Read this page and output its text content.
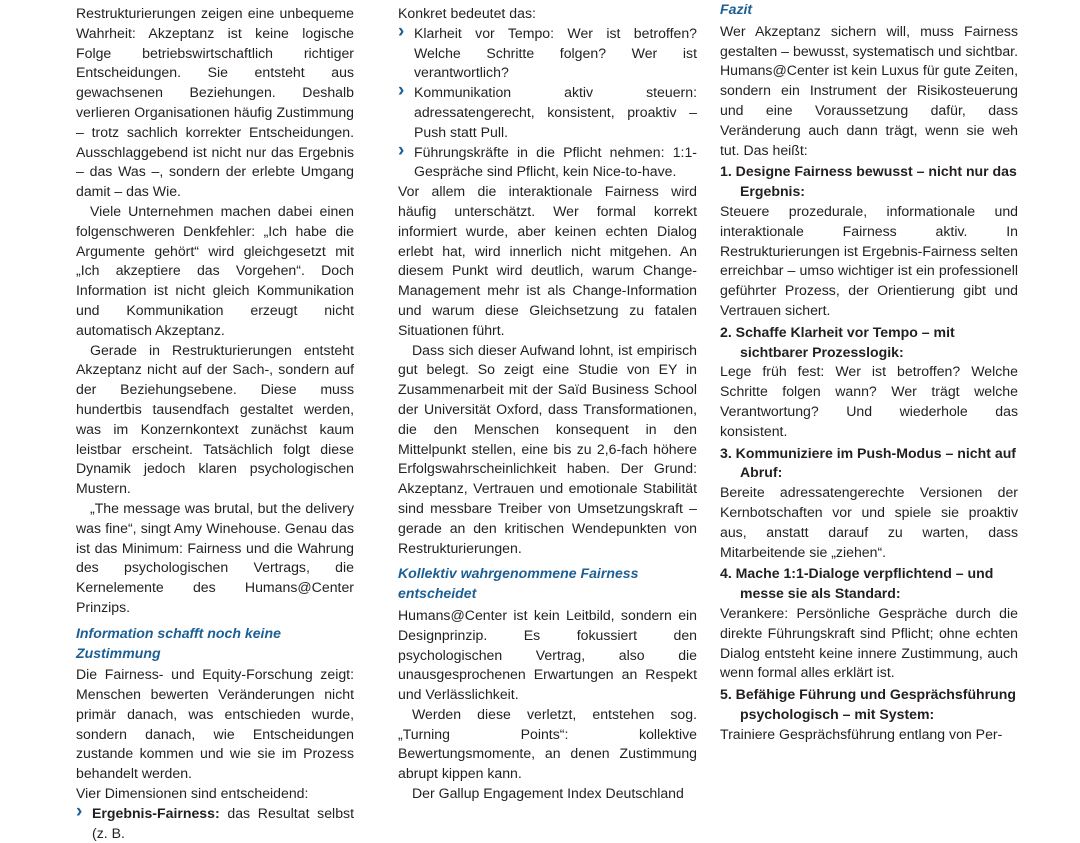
Restrukturierungen zeigen eine unbequeme Wahrheit: Akzeptanz ist keine logische Folge betriebswirtschaftlich richtiger Entscheidungen. Sie entsteht aus gewachsenen Beziehungen. Deshalb verlieren Organisationen häufig Zustimmung – trotz sachlich korrekter Entscheidungen. Ausschlaggebend ist nicht nur das Ergebnis – das Was –, sondern der erlebte Umgang damit – das Wie.

Viele Unternehmen machen dabei einen folgenschweren Denkfehler: „Ich habe die Argumente gehört“ wird gleichgesetzt mit „Ich akzeptiere das Vorgehen“. Doch Information ist nicht gleich Kommunikation und Kommunikation erzeugt nicht automatisch Akzeptanz.

Gerade in Restrukturierungen entsteht Akzeptanz nicht auf der Sach-, sondern auf der Beziehungsebene. Diese muss hundertbis tausendfach gestaltet werden, was im Konzernkontext zunächst kaum leistbar erscheint. Tatsächlich folgt diese Dynamik jedoch klaren psychologischen Mustern.

„The message was brutal, but the delivery was fine“, singt Amy Winehouse. Genau das ist das Minimum: Fairness und die Wahrung des psychologischen Vertrags, die Kernelemente des Humans@Center Prinzips.

Information schafft noch keine Zustimmung

Die Fairness- und Equity-Forschung zeigt: Menschen bewerten Veränderungen nicht primär danach, was entschieden wurde, sondern danach, wie Entscheidungen zustande kommen und wie sie im Prozess behandelt werden.

Vier Dimensionen sind entscheidend:

› Ergebnis-Fairness: das Resultat selbst (z. B.

Konkret bedeutet das:

› Klarheit vor Tempo: Wer ist betroffen? Welche Schritte folgen? Wer ist verantwortlich?
› Kommunikation aktiv steuern: adressatengerecht, konsistent, proaktiv – Push statt Pull.
› Führungskräfte in die Pflicht nehmen: 1:1-Gespräche sind Pflicht, kein Nice-to-have.

Vor allem die interaktionale Fairness wird häufig unterschätzt. Wer formal korrekt informiert wurde, aber keinen echten Dialog erlebt hat, wird innerlich nicht mitgehen. An diesem Punkt wird deutlich, warum Change-Management mehr ist als Change-Information und warum diese Gleichsetzung zu fatalen Situationen führt.

Dass sich dieser Aufwand lohnt, ist empirisch gut belegt. So zeigt eine Studie von EY in Zusammenarbeit mit der Saïd Business School der Universität Oxford, dass Transformationen, die den Menschen konsequent in den Mittelpunkt stellen, eine bis zu 2,6-fach höhere Erfolgswahrscheinlichkeit haben. Der Grund: Akzeptanz, Vertrauen und emotionale Stabilität sind messbare Treiber von Umsetzungskraft – gerade an den kritischen Wendepunkten von Restrukturierungen.

Kollektiv wahrgenommene Fairness entscheidet

Humans@Center ist kein Leitbild, sondern ein Designprinzip. Es fokussiert den psychologischen Vertrag, also die unausgesprochenen Erwartungen an Respekt und Verlässlichkeit.

Werden diese verletzt, entstehen sog. „Turning Points“: kollektive Bewertungsmomente, an denen Zustimmung abrupt kippen kann.

Der Gallup Engagement Index Deutschland

Fazit

Wer Akzeptanz sichern will, muss Fairness gestalten – bewusst, systematisch und sichtbar. Humans@Center ist kein Luxus für gute Zeiten, sondern ein Instrument der Risikosteuerung und eine Voraussetzung dafür, dass Veränderung auch dann trägt, wenn sie weh tut. Das heißt:

1. Designe Fairness bewusst – nicht nur das Ergebnis:

Steuere prozedurale, informationale und interaktionale Fairness aktiv. In Restrukturierungen ist Ergebnis-Fairness selten erreichbar – umso wichtiger ist ein professionell geführter Prozess, der Orientierung gibt und Vertrauen sichert.

2. Schaffe Klarheit vor Tempo – mit sichtbarer Prozesslogik:

Lege früh fest: Wer ist betroffen? Welche Schritte folgen wann? Wer trägt welche Verantwortung? Und wiederhole das konsistent.

3. Kommuniziere im Push-Modus – nicht auf Abruf:

Bereite adressatengerechte Versionen der Kernbotschaften vor und spiele sie proaktiv aus, anstatt darauf zu warten, dass Mitarbeitende sie „ziehen“.

4. Mache 1:1-Dialoge verpflichtend – und messe sie als Standard:

Verankere: Persönliche Gespräche durch die direkte Führungskraft sind Pflicht; ohne echten Dialog entsteht keine innere Zustimmung, auch wenn formal alles erklärt ist.

5. Befähige Führung und Gesprächsführung psychologisch – mit System:

Trainiere Gesprächsführung entlang von Per-
